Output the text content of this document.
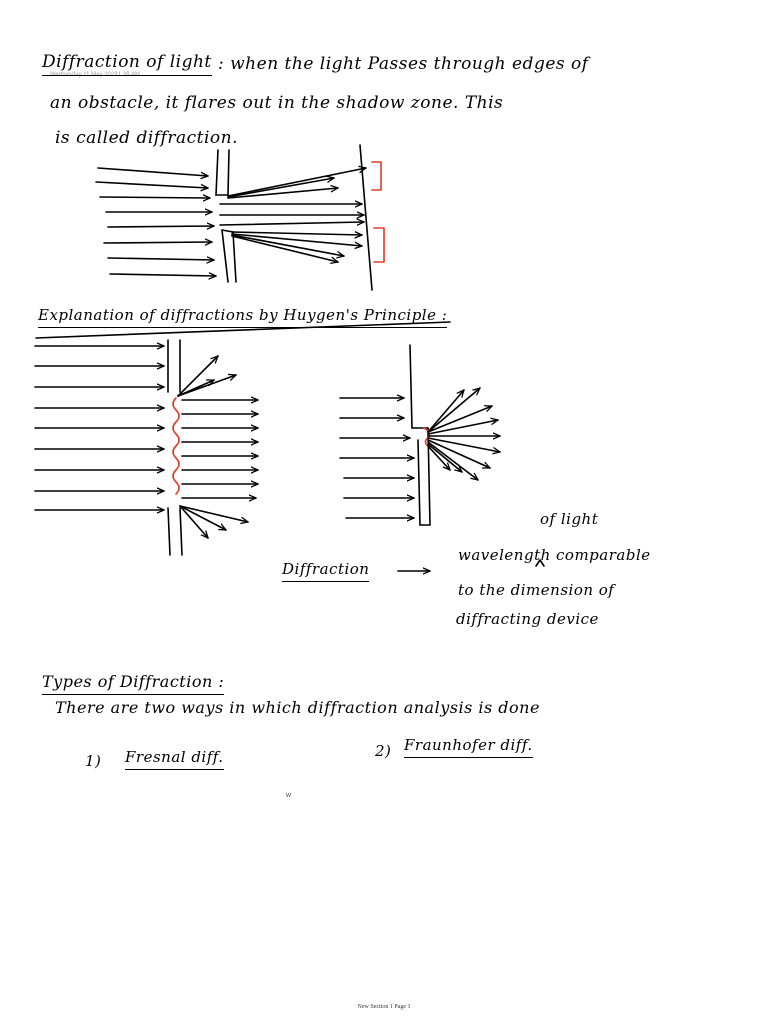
Wednesday 11 May 2022
11:38 AM
Diffraction of light : when the light Passes through edges of
an obstacle, it flares out in the shadow zone. This
is called diffraction.
Explanation of diffractions by Huygen's Principle :
Diffraction
of light
wavelength comparable
to the dimension of
diffracting device
Types of Diffraction :
There are two ways in which diffraction analysis is done
1) Fresnal diff.	2) Fraunhofer diff.
w
New Section 1 Page 1
